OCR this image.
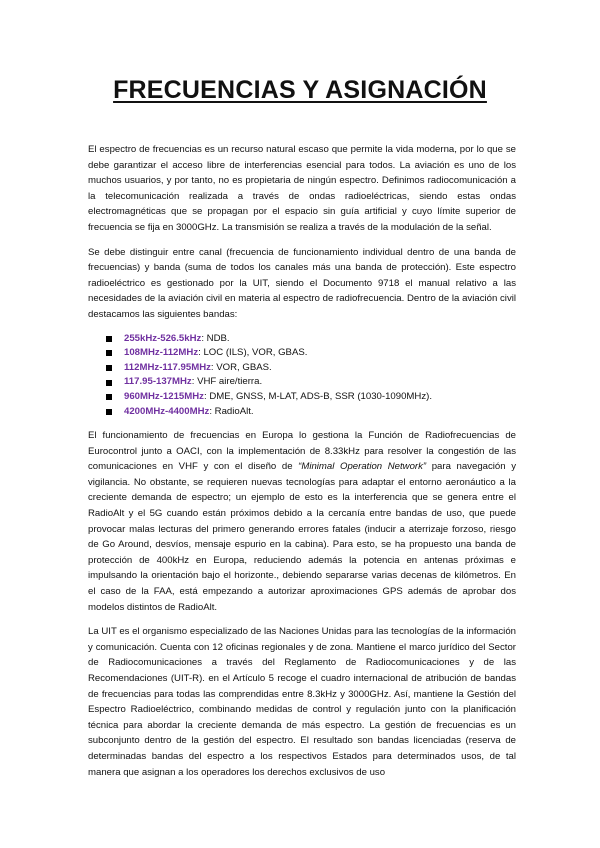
FRECUENCIAS Y ASIGNACIÓN

El espectro de frecuencias es un recurso natural escaso que permite la vida moderna, por lo que se debe garantizar el acceso libre de interferencias esencial para todos. La aviación es uno de los muchos usuarios, y por tanto, no es propietaria de ningún espectro. Definimos radiocomunicación a la telecomunicación realizada a través de ondas radioeléctricas, siendo estas ondas electromagnéticas que se propagan por el espacio sin guía artificial y cuyo límite superior de frecuencia se fija en 3000GHz. La transmisión se realiza a través de la modulación de la señal.

Se debe distinguir entre canal (frecuencia de funcionamiento individual dentro de una banda de frecuencias) y banda (suma de todos los canales más una banda de protección). Este espectro radioeléctrico es gestionado por la UIT, siendo el Documento 9718 el manual relativo a las necesidades de la aviación civil en materia al espectro de radiofrecuencia. Dentro de la aviación civil destacamos las siguientes bandas:

255kHz-526.5kHz: NDB.
108MHz-112MHz: LOC (ILS), VOR, GBAS.
112MHz-117.95MHz: VOR, GBAS.
117.95-137MHz: VHF aire/tierra.
960MHz-1215MHz: DME, GNSS, M-LAT, ADS-B, SSR (1030-1090MHz).
4200MHz-4400MHz: RadioAlt.

El funcionamiento de frecuencias en Europa lo gestiona la Función de Radiofrecuencias de Eurocontrol junto a OACI, con la implementación de 8.33kHz para resolver la congestión de las comunicaciones en VHF y con el diseño de “Minimal Operation Network” para navegación y vigilancia. No obstante, se requieren nuevas tecnologías para adaptar el entorno aeronáutico a la creciente demanda de espectro; un ejemplo de esto es la interferencia que se genera entre el RadioAlt y el 5G cuando están próximos debido a la cercanía entre bandas de uso, que puede provocar malas lecturas del primero generando errores fatales (inducir a aterrizaje forzoso, riesgo de Go Around, desvíos, mensaje espurio en la cabina). Para esto, se ha propuesto una banda de protección de 400kHz en Europa, reduciendo además la potencia en antenas próximas e impulsando la orientación bajo el horizonte., debiendo separarse varias decenas de kilómetros. En el caso de la FAA, está empezando a autorizar aproximaciones GPS además de aprobar dos modelos distintos de RadioAlt.

La UIT es el organismo especializado de las Naciones Unidas para las tecnologías de la información y comunicación. Cuenta con 12 oficinas regionales y de zona. Mantiene el marco jurídico del Sector de Radiocomunicaciones a través del Reglamento de Radiocomunicaciones y de las Recomendaciones (UIT-R). en el Artículo 5 recoge el cuadro internacional de atribución de bandas de frecuencias para todas las comprendidas entre 8.3kHz y 3000GHz. Así, mantiene la Gestión del Espectro Radioeléctrico, combinando medidas de control y regulación junto con la planificación técnica para abordar la creciente demanda de más espectro. La gestión de frecuencias es un subconjunto dentro de la gestión del espectro. El resultado son bandas licenciadas (reserva de determinadas bandas del espectro a los respectivos Estados para determinados usos, de tal manera que asignan a los operadores los derechos exclusivos de uso
